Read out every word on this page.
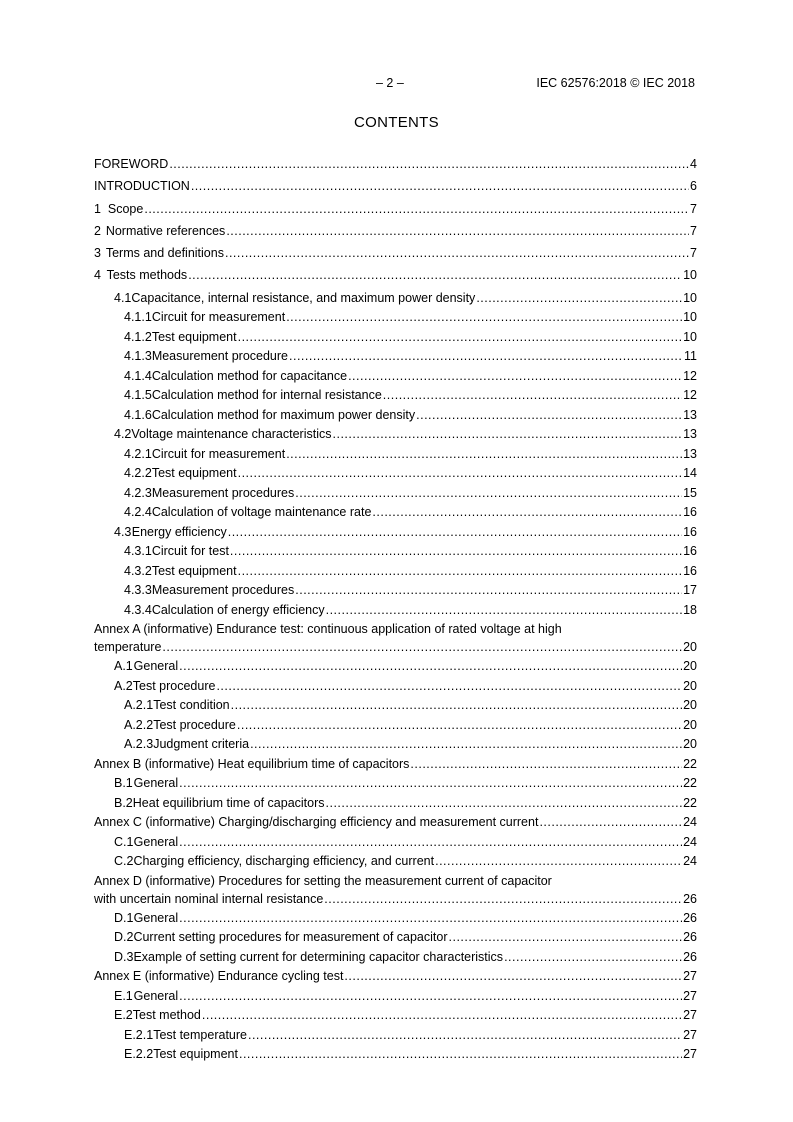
– 2 –	IEC 62576:2018 © IEC 2018
CONTENTS
FOREWORD .....	4
INTRODUCTION .....	6
1 Scope .....	7
2 Normative references .....	7
3 Terms and definitions .....	7
4 Tests methods .....	10
4.1 Capacitance, internal resistance, and maximum power density .....	10
4.1.1 Circuit for measurement .....	10
4.1.2 Test equipment .....	10
4.1.3 Measurement procedure .....	11
4.1.4 Calculation method for capacitance .....	12
4.1.5 Calculation method for internal resistance .....	12
4.1.6 Calculation method for maximum power density .....	13
4.2 Voltage maintenance characteristics .....	13
4.2.1 Circuit for measurement .....	13
4.2.2 Test equipment .....	14
4.2.3 Measurement procedures .....	15
4.2.4 Calculation of voltage maintenance rate .....	16
4.3 Energy efficiency .....	16
4.3.1 Circuit for test .....	16
4.3.2 Test equipment .....	16
4.3.3 Measurement procedures .....	17
4.3.4 Calculation of energy efficiency .....	18
Annex A (informative) Endurance test: continuous application of rated voltage at high
temperature .....	20
A.1 General .....	20
A.2 Test procedure .....	20
A.2.1 Test condition .....	20
A.2.2 Test procedure .....	20
A.2.3 Judgment criteria .....	20
Annex B (informative) Heat equilibrium time of capacitors .....	22
B.1 General .....	22
B.2 Heat equilibrium time of capacitors .....	22
Annex C (informative) Charging/discharging efficiency and measurement current .....	24
C.1 General .....	24
C.2 Charging efficiency, discharging efficiency, and current .....	24
Annex D (informative) Procedures for setting the measurement current of capacitor
with uncertain nominal internal resistance .....	26
D.1 General .....	26
D.2 Current setting procedures for measurement of capacitor .....	26
D.3 Example of setting current for determining capacitor characteristics .....	26
Annex E (informative) Endurance cycling test .....	27
E.1 General .....	27
E.2 Test method .....	27
E.2.1 Test temperature .....	27
E.2.2 Test equipment .....	27
